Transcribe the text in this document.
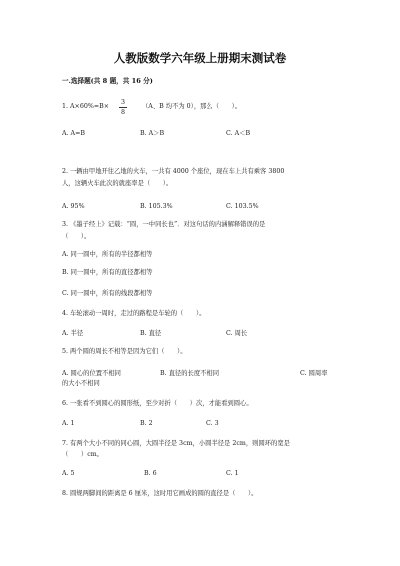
人教版数学六年级上册期末测试卷
一.选择题(共 8 题，共 16 分)
1. A×60%=B×
3
8
（A、B 均不为 0），那么（　　）。
A. A=B	B. A＞B	C. A＜B
2. 一辆由甲地开往乙地的火车，一共有 4000 个座位，现在车上共有乘客 3800
人，这辆火车此次的就座率是（　　）。
A. 95%	B. 105.3%	C. 103.5%
3. 《墨子经上》记载：“圆，一中同长也”．对这句话的内涵解释错误的是
（　　）。
A. 同一圆中，所有的半径都相等
B. 同一圆中，所有的直径都相等
C. 同一圆中，所有的线段都相等
4. 车轮滚动一周时，走过的路程是车轮的（　　）。
A. 半径	B. 直径	C. 周长
5. 两个圆的周长不相等是因为它们（　　）。
A. 圆心的位置不相同	B. 直径的长度不相同	C. 圆周率
的大小不相同
6. 一张看不到圆心的圆形纸，至少对折（　　）次，才能看到圆心。
A. 1	B. 2	C. 3
7. 有两个大小不同的同心圆，大圆半径是 3cm，小圆半径是 2cm，则圆环的宽是
（　　）cm。
A. 5	B. 6	C. 1
8. 圆规两脚间的距离是 6 厘米，这时用它画成的圆的直径是（　　）。
